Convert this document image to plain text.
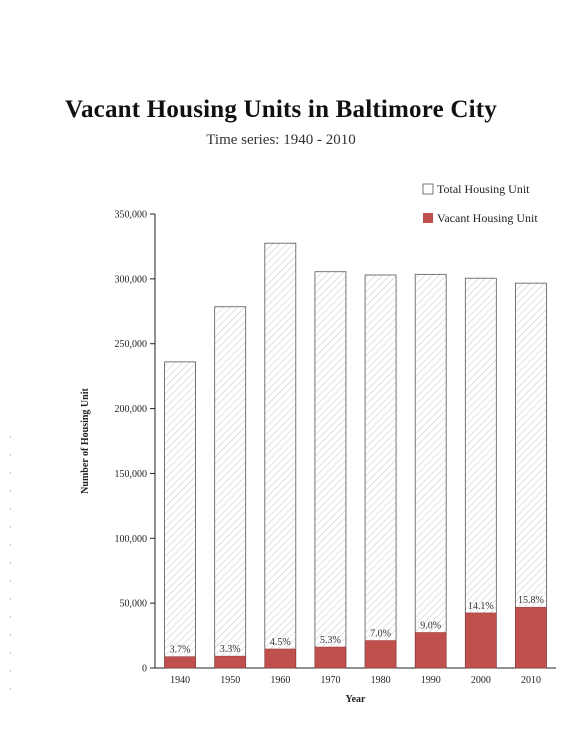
Vacant Housing Units in Baltimore City
Time series: 1940 - 2010
· · ·
· · ·
· · ·
· · ·
· · ·
0
50,000
100,000
150,000
200,000
250,000
300,000
350,000
1940	1950	1960	1970	1980	1990	2000	2010
Year
Number of Housing Unit
3.7%	3.3%
4.5%	5.3%
7.0%
9.0%
14.1%
15.8%
Total Housing Unit
Vacant Housing Unit
